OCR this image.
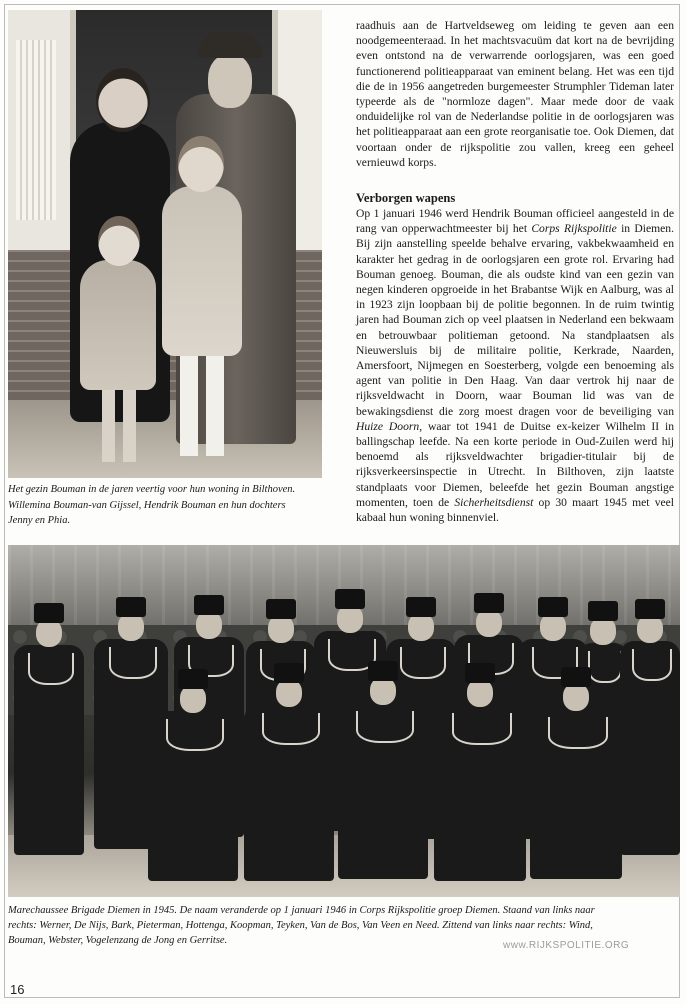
Het gezin Bouman in de jaren veertig voor hun woning in Bilthoven.
Willemina Bouman-van Gijssel, Hendrik Bouman en hun dochters
Jenny en Phia.

raadhuis aan de Hartveldseweg om leiding te geven aan een noodgemeenteraad. In het machtsvacuüm dat kort na de bevrijding even ontstond na de verwarrende oorlogsjaren, was een goed functionerend politieapparaat van eminent belang. Het was een tijd die de in 1956 aangetreden burgemeester Strumphler Tideman later typeerde als de "normloze dagen". Maar mede door de vaak onduidelijke rol van de Nederlandse politie in de oorlogsjaren was het politieapparaat aan een grote reorganisatie toe. Ook Diemen, dat voortaan onder de rijkspolitie zou vallen, kreeg een geheel vernieuwd korps.

Verborgen wapens

Op 1 januari 1946 werd Hendrik Bouman officieel aangesteld in de rang van opperwachtmeester bij het Corps Rijkspolitie in Diemen. Bij zijn aanstelling speelde behalve ervaring, vakbekwaamheid en karakter het gedrag in de oorlogsjaren een grote rol. Ervaring had Bouman genoeg. Bouman, die als oudste kind van een gezin van negen kinderen opgroeide in het Brabantse Wijk en Aalburg, was al in 1923 zijn loopbaan bij de politie begonnen. In de ruim twintig jaren had Bouman zich op veel plaatsen in Nederland een bekwaam en betrouwbaar politieman getoond. Na standplaatsen als Nieuwersluis bij de militaire politie, Kerkrade, Naarden, Amersfoort, Nijmegen en Soesterberg, volgde een benoeming als agent van politie in Den Haag. Van daar vertrok hij naar de rijksveldwacht in Doorn, waar Bouman lid was van de bewakingsdienst die zorg moest dragen voor de beveiliging van Huize Doorn, waar tot 1941 de Duitse ex-keizer Wilhelm II in ballingschap leefde. Na een korte periode in Oud-Zuilen werd hij benoemd als rijksveldwachter brigadier-titulair bij de rijksverkeersinspectie in Utrecht. In Bilthoven, zijn laatste standplaats voor Diemen, beleefde het gezin Bouman angstige momenten, toen de Sicherheitsdienst op 30 maart 1945 met veel kabaal hun woning binnenviel.

Marechaussee Brigade Diemen in 1945. De naam veranderde op 1 januari 1946 in Corps Rijkspolitie groep Diemen. Staand van links naar
rechts: Werner, De Nijs, Bark, Pieterman, Hottenga, Koopman, Teyken, Van de Bos, Van Veen en Need. Zittend van links naar rechts: Wind,
Bouman, Webster, Vogelenzang de Jong en Gerritse.	www.RIJKSPOLITIE.ORG
16
